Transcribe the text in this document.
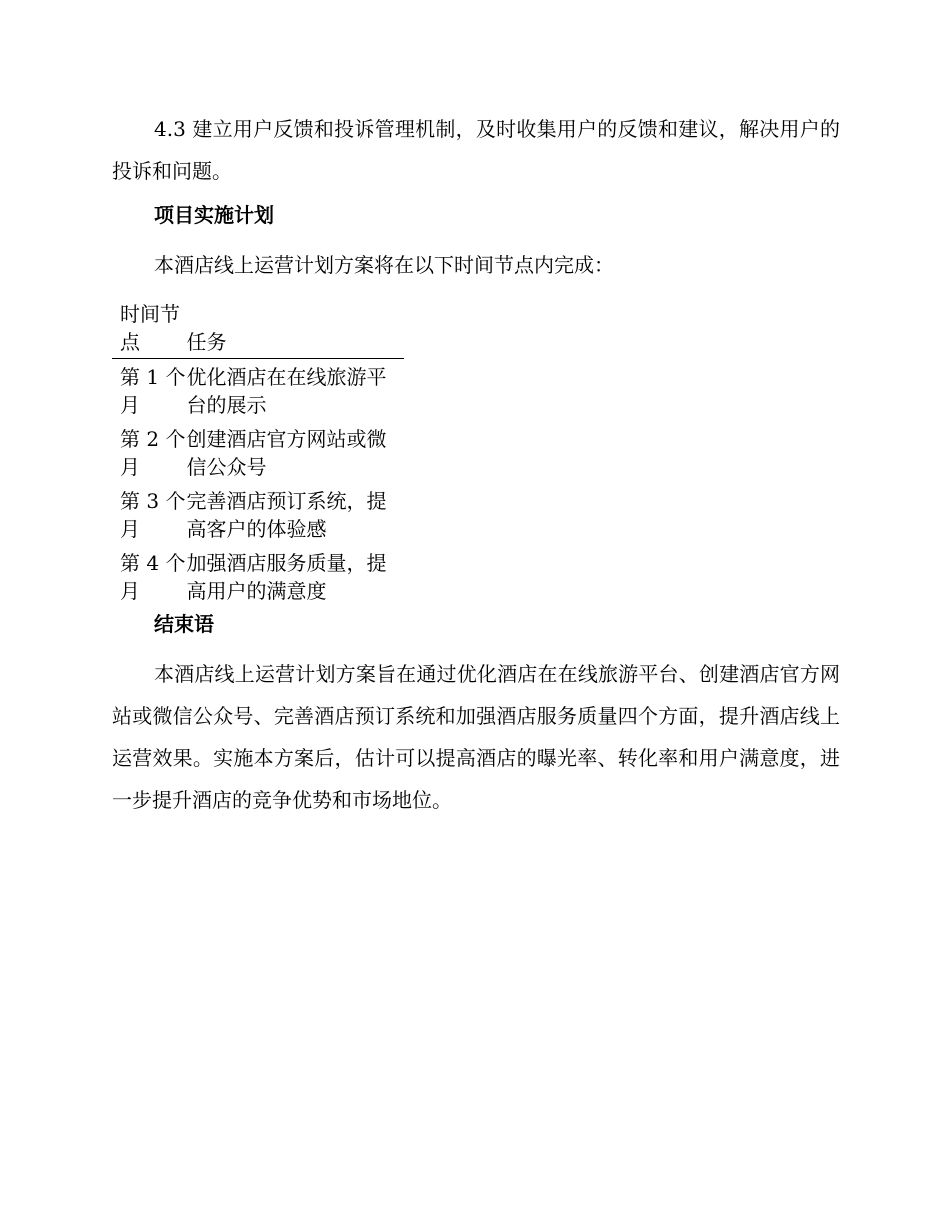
4.3 建立用户反馈和投诉管理机制，及时收集用户的反馈和建议，解决用户的投诉和问题。

项目实施计划

本酒店线上运营计划方案将在以下时间节点内完成：

时间节点	任务
第 1 个月	优化酒店在在线旅游平台的展示
第 2 个月	创建酒店官方网站或微信公众号
第 3 个月	完善酒店预订系统，提高客户的体验感
第 4 个月	加强酒店服务质量，提高用户的满意度

结束语

本酒店线上运营计划方案旨在通过优化酒店在在线旅游平台、创建酒店官方网站或微信公众号、完善酒店预订系统和加强酒店服务质量四个方面，提升酒店线上运营效果。实施本方案后，估计可以提高酒店的曝光率、转化率和用户满意度，进一步提升酒店的竞争优势和市场地位。
